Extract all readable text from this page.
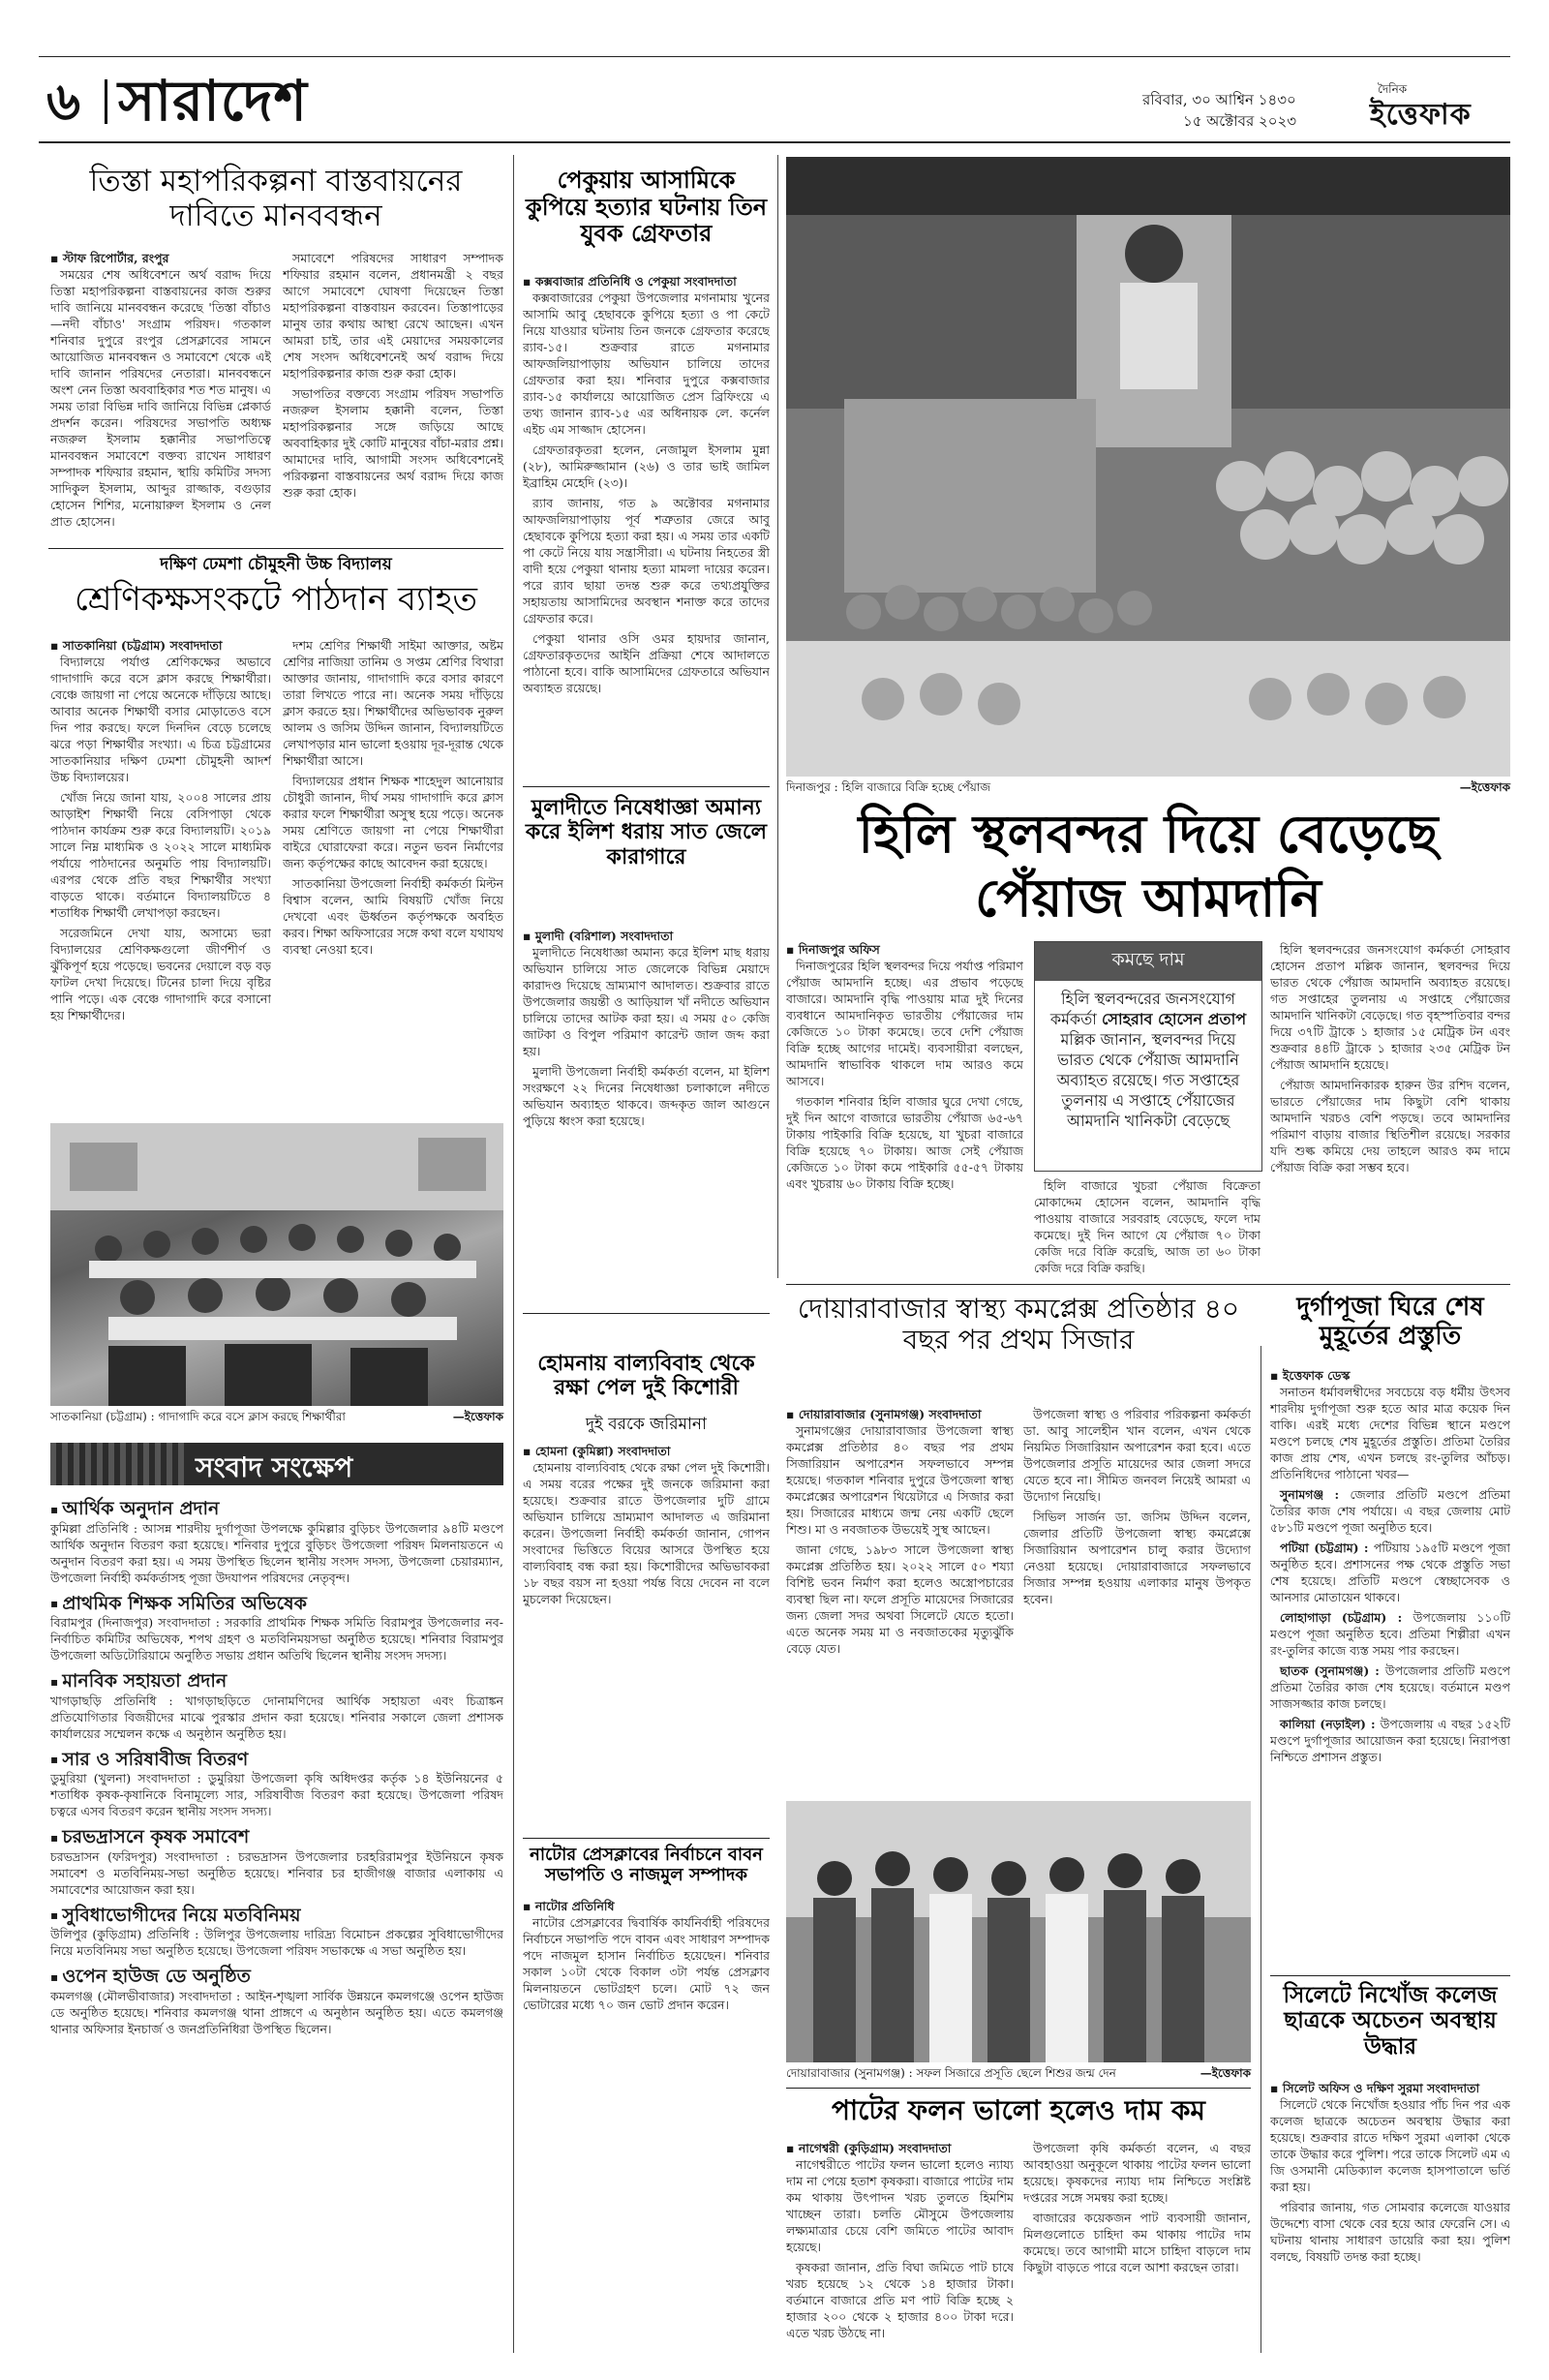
৬ সারাদেশ	রবিবার, ৩০ আশ্বিন ১৪৩০
১৫ অক্টোবর ২০২৩
দৈনিক
ইত্তেফাক
তিস্তা মহাপরিকল্পনা বাস্তবায়নের দাবিতে মানববন্ধন
▪ স্টাফ রিপোর্টার, রংপুর

সময়ের শেষ অধিবেশনে অর্থ বরাদ্দ দিয়ে তিস্তা মহাপরিকল্পনা বাস্তবায়নের কাজ শুরুর দাবি জানিয়ে মানববন্ধন করেছে 'তিস্তা বাঁচাও—নদী বাঁচাও' সংগ্রাম পরিষদ। গতকাল শনিবার দুপুরে রংপুর প্রেসক্লাবের সামনে আয়োজিত মানববন্ধন ও সমাবেশে থেকে এই দাবি জানান পরিষদের নেতারা। মানববন্ধনে অংশ নেন তিস্তা অববাহিকার শত শত মানুষ। এ সময় তারা বিভিন্ন দাবি জানিয়ে বিভিন্ন প্লেকার্ড প্রদর্শন করেন। পরিষদের সভাপতি অধ্যক্ষ নজরুল ইসলাম হক্কানীর সভাপতিত্বে মানববন্ধন সমাবেশে বক্তব্য রাখেন সাধারণ সম্পাদক শফিয়ার রহমান, স্থায়ি কমিটির সদস্য সাদিকুল ইসলাম, আব্দুর রাজ্জাক, বগুড়ার হোসেন শিশির, মনোয়ারুল ইসলাম ও নেল প্রাত হোসেন।

সমাবেশে পরিষদের সাধারণ সম্পাদক শফিয়ার রহমান বলেন, প্রধানমন্ত্রী ২ বছর আগে সমাবেশে ঘোষণা দিয়েছেন তিস্তা মহাপরিকল্পনা বাস্তবায়ন করবেন। তিস্তাপাড়ের মানুষ তার কথায় আস্থা রেখে আছেন। এখন আমরা চাই, তার এই মেয়াদের সময়কালের শেষ সংসদ অধিবেশনেই অর্থ বরাদ্দ দিয়ে মহাপরিকল্পনার কাজ শুরু করা হোক।

সভাপতির বক্তব্যে সংগ্রাম পরিষদ সভাপতি নজরুল ইসলাম হক্কানী বলেন, তিস্তা মহাপরিকল্পনার সঙ্গে জড়িয়ে আছে অববাহিকার দুই কোটি মানুষের বাঁচা-মরার প্রশ্ন। আমাদের দাবি, আগামী সংসদ অধিবেশনেই পরিকল্পনা বাস্তবায়নের অর্থ বরাদ্দ দিয়ে কাজ শুরু করা হোক।

দক্ষিণ ঢেমশা চৌমুহনী উচ্চ বিদ্যালয়
শ্রেণিকক্ষসংকটে পাঠদান ব্যাহত
▪ সাতকানিয়া (চট্টগ্রাম) সংবাদদাতা

বিদ্যালয়ে পর্যাপ্ত শ্রেণিকক্ষের অভাবে গাদাগাদি করে বসে ক্লাস করছে শিক্ষার্থীরা। বেঞ্চে জায়গা না পেয়ে অনেকে দাঁড়িয়ে আছে। আবার অনেক শিক্ষার্থী বসার মোড়াতেও বসে দিন পার করছে। ফলে দিনদিন বেড়ে চলেছে ঝরে পড়া শিক্ষার্থীর সংখ্যা। এ চিত্র চট্টগ্রামের সাতকানিয়ার দক্ষিণ ঢেমশা চৌমুহনী আদর্শ উচ্চ বিদ্যালয়ের।

খোঁজ নিয়ে জানা যায়, ২০০৪ সালের প্রায় আড়াইশ শিক্ষার্থী নিয়ে বেসিপাড়া থেকে পাঠদান কার্যক্রম শুরু করে বিদ্যালয়টি। ২০১৯ সালে নিম্ন মাধ্যমিক ও ২০২২ সালে মাধ্যমিক পর্যায়ে পাঠদানের অনুমতি পায় বিদ্যালয়টি। এরপর থেকে প্রতি বছর শিক্ষার্থীর সংখ্যা বাড়তে থাকে। বর্তমানে বিদ্যালয়টিতে ৪ শতাধিক শিক্ষার্থী লেখাপড়া করছেন।

সরেজমিনে দেখা যায়, অসাম্যে ভরা বিদ্যালয়ের শ্রেণিকক্ষগুলো জীর্ণশীর্ণ ও ঝুঁকিপূর্ণ হয়ে পড়েছে। ভবনের দেয়ালে বড় বড় ফাটল দেখা দিয়েছে। টিনের চালা দিয়ে বৃষ্টির পানি পড়ে। এক বেঞ্চে গাদাগাদি করে বসানো হয় শিক্ষার্থীদের।

দশম শ্রেণির শিক্ষার্থী সাইমা আক্তার, অষ্টম শ্রেণির নাজিয়া তানিম ও সপ্তম শ্রেণির বিথারা আক্তার জানায়, গাদাগাদি করে বসার কারণে তারা লিখতে পারে না। অনেক সময় দাঁড়িয়ে ক্লাস করতে হয়। শিক্ষার্থীদের অভিভাবক নুরুল আলম ও জসিম উদ্দিন জানান, বিদ্যালয়টিতে লেখাপড়ার মান ভালো হওয়ায় দূর-দূরান্ত থেকে শিক্ষার্থীরা আসে।

বিদ্যালয়ের প্রধান শিক্ষক শাহেদুল আনোয়ার চৌধুরী জানান, দীর্ঘ সময় গাদাগাদি করে ক্লাস করার ফলে শিক্ষার্থীরা অসুস্থ হয়ে পড়ে। অনেক সময় শ্রেণিতে জায়গা না পেয়ে শিক্ষার্থীরা বাইরে ঘোরাফেরা করে। নতুন ভবন নির্মাণের জন্য কর্তৃপক্ষের কাছে আবেদন করা হয়েছে।

সাতকানিয়া উপজেলা নির্বাহী কর্মকর্তা মিল্টন বিশ্বাস বলেন, আমি বিষয়টি খোঁজ নিয়ে দেখবো এবং ঊর্ধ্বতন কর্তৃপক্ষকে অবহিত করব। শিক্ষা অফিসারের সঙ্গে কথা বলে যথাযথ ব্যবস্থা নেওয়া হবে।

সাতকানিয়া (চট্টগ্রাম) : গাদাগাদি করে বসে ক্লাস করছে শিক্ষার্থীরা	—ইত্তেফাক
সংবাদ সংক্ষেপ
▪ আর্থিক অনুদান প্রদান
কুমিল্লা প্রতিনিধি : আসন্ন শারদীয় দুর্গাপূজা উপলক্ষে কুমিল্লার বুড়িচং উপজেলার ৯৪টি মণ্ডপে আর্থিক অনুদান বিতরণ করা হয়েছে। শনিবার দুপুরে বুড়িচং উপজেলা পরিষদ মিলনায়তনে এ অনুদান বিতরণ করা হয়। এ সময় উপস্থিত ছিলেন স্থানীয় সংসদ সদস্য, উপজেলা চেয়ারম্যান, উপজেলা নির্বাহী কর্মকর্তাসহ পূজা উদযাপন পরিষদের নেতৃবৃন্দ।
▪ প্রাথমিক শিক্ষক সমিতির অভিষেক
বিরামপুর (দিনাজপুর) সংবাদদাতা : সরকারি প্রাথমিক শিক্ষক সমিতি বিরামপুর উপজেলার নব-নির্বাচিত কমিটির অভিষেক, শপথ গ্রহণ ও মতবিনিময়সভা অনুষ্ঠিত হয়েছে। শনিবার বিরামপুর উপজেলা অডিটোরিয়ামে অনুষ্ঠিত সভায় প্রধান অতিথি ছিলেন স্থানীয় সংসদ সদস্য।
▪ মানবিক সহায়তা প্রদান
খাগড়াছড়ি প্রতিনিধি : খাগড়াছড়িতে দোনামণিদের আর্থিক সহায়তা এবং চিত্রাঙ্কন প্রতিযোগিতার বিজয়ীদের মাঝে পুরস্কার প্রদান করা হয়েছে। শনিবার সকালে জেলা প্রশাসক কার্যালয়ের সম্মেলন কক্ষে এ অনুষ্ঠান অনুষ্ঠিত হয়।
▪ সার ও সরিষাবীজ বিতরণ
ডুমুরিয়া (খুলনা) সংবাদদাতা : ডুমুরিয়া উপজেলা কৃষি অধিদপ্তর কর্তৃক ১৪ ইউনিয়নের ৫ শতাধিক কৃষক-কৃষানিকে বিনামূল্যে সার, সরিষাবীজ বিতরণ করা হয়েছে। উপজেলা পরিষদ চত্বরে এসব বিতরণ করেন স্থানীয় সংসদ সদস্য।
▪ চরভদ্রাসনে কৃষক সমাবেশ
চরভদ্রাসন (ফরিদপুর) সংবাদদাতা : চরভদ্রাসন উপজেলার চরহরিরামপুর ইউনিয়নে কৃষক সমাবেশ ও মতবিনিময়-সভা অনুষ্ঠিত হয়েছে। শনিবার চর হাজীগঞ্জ বাজার এলাকায় এ সমাবেশের আয়োজন করা হয়।
▪ সুবিধাভোগীদের নিয়ে মতবিনিময়
উলিপুর (কুড়িগ্রাম) প্রতিনিধি : উলিপুর উপজেলায় দারিদ্র্য বিমোচন প্রকল্পের সুবিধাভোগীদের নিয়ে মতবিনিময় সভা অনুষ্ঠিত হয়েছে। উপজেলা পরিষদ সভাকক্ষে এ সভা অনুষ্ঠিত হয়।
▪ ওপেন হাউজ ডে অনুষ্ঠিত
কমলগঞ্জ (মৌলভীবাজার) সংবাদদাতা : আইন-শৃঙ্খলা সার্বিক উন্নয়নে কমলগঞ্জে ওপেন হাউজ ডে অনুষ্ঠিত হয়েছে। শনিবার কমলগঞ্জ থানা প্রাঙ্গণে এ অনুষ্ঠান অনুষ্ঠিত হয়। এতে কমলগঞ্জ থানার অফিসার ইনচার্জ ও জনপ্রতিনিধিরা উপস্থিত ছিলেন।
পেকুয়ায় আসামিকে কুপিয়ে হত্যার ঘটনায় তিন যুবক গ্রেফতার
▪ কক্সবাজার প্রতিনিধি ও পেকুয়া সংবাদদাতা

কক্সবাজারের পেকুয়া উপজেলার মগনামায় খুনের আসামি আবু হেছাবকে কুপিয়ে হত্যা ও পা কেটে নিয়ে যাওয়ার ঘটনায় তিন জনকে গ্রেফতার করেছে র‍্যাব-১৫। শুক্রবার রাতে মগনামার আফজলিয়াপাড়ায় অভিযান চালিয়ে তাদের গ্রেফতার করা হয়। শনিবার দুপুরে কক্সবাজার র‍্যাব-১৫ কার্যালয়ে আয়োজিত প্রেস ব্রিফিংয়ে এ তথ্য জানান র‍্যাব-১৫ এর অধিনায়ক লে. কর্নেল এইচ এম সাজ্জাদ হোসেন।

গ্রেফতারকৃতরা হলেন, নেজামুল ইসলাম মুন্না (২৮), আমিরুজ্জামান (২৬) ও তার ভাই জামিল ইব্রাহিম মেহেদি (২৩)।

র‍্যাব জানায়, গত ৯ অক্টোবর মগনামার আফজলিয়াপাড়ায় পূর্ব শত্রুতার জেরে আবু হেছাবকে কুপিয়ে হত্যা করা হয়। এ সময় তার একটি পা কেটে নিয়ে যায় সন্ত্রাসীরা। এ ঘটনায় নিহতের স্ত্রী বাদী হয়ে পেকুয়া থানায় হত্যা মামলা দায়ের করেন। পরে র‍্যাব ছায়া তদন্ত শুরু করে তথ্যপ্রযুক্তির সহায়তায় আসামিদের অবস্থান শনাক্ত করে তাদের গ্রেফতার করে।

পেকুয়া থানার ওসি ওমর হায়দার জানান, গ্রেফতারকৃতদের আইনি প্রক্রিয়া শেষে আদালতে পাঠানো হবে। বাকি আসামিদের গ্রেফতারে অভিযান অব্যাহত রয়েছে।

মুলাদীতে নিষেধাজ্ঞা অমান্য করে ইলিশ ধরায় সাত জেলে কারাগারে
▪ মুলাদী (বরিশাল) সংবাদদাতা

মুলাদীতে নিষেধাজ্ঞা অমান্য করে ইলিশ মাছ ধরায় অভিযান চালিয়ে সাত জেলেকে বিভিন্ন মেয়াদে কারাদণ্ড দিয়েছে ভ্রাম্যমাণ আদালত। শুক্রবার রাতে উপজেলার জয়ন্তী ও আড়িয়াল খাঁ নদীতে অভিযান চালিয়ে তাদের আটক করা হয়। এ সময় ৫০ কেজি জাটকা ও বিপুল পরিমাণ কারেন্ট জাল জব্দ করা হয়।

মুলাদী উপজেলা নির্বাহী কর্মকর্তা বলেন, মা ইলিশ সংরক্ষণে ২২ দিনের নিষেধাজ্ঞা চলাকালে নদীতে অভিযান অব্যাহত থাকবে। জব্দকৃত জাল আগুনে পুড়িয়ে ধ্বংস করা হয়েছে।

হোমনায় বাল্যবিবাহ থেকে রক্ষা পেল দুই কিশোরী
দুই বরকে জরিমানা
▪ হোমনা (কুমিল্লা) সংবাদদাতা

হোমনায় বাল্যবিবাহ থেকে রক্ষা পেল দুই কিশোরী। এ সময় বরের পক্ষের দুই জনকে জরিমানা করা হয়েছে। শুক্রবার রাতে উপজেলার দুটি গ্রামে অভিযান চালিয়ে ভ্রাম্যমাণ আদালত এ জরিমানা করেন। উপজেলা নির্বাহী কর্মকর্তা জানান, গোপন সংবাদের ভিত্তিতে বিয়ের আসরে উপস্থিত হয়ে বাল্যবিবাহ বন্ধ করা হয়। কিশোরীদের অভিভাবকরা ১৮ বছর বয়স না হওয়া পর্যন্ত বিয়ে দেবেন না বলে মুচলেকা দিয়েছেন।

নাটোর প্রেসক্লাবের নির্বাচনে বাবন সভাপতি ও নাজমুল সম্পাদক
▪ নাটোর প্রতিনিধি

নাটোর প্রেসক্লাবের দ্বিবার্ষিক কার্যনির্বাহী পরিষদের নির্বাচনে সভাপতি পদে বাবন এবং সাধারণ সম্পাদক পদে নাজমুল হাসান নির্বাচিত হয়েছেন। শনিবার সকাল ১০টা থেকে বিকাল ৩টা পর্যন্ত প্রেসক্লাব মিলনায়তনে ভোটগ্রহণ চলে। মোট ৭২ জন ভোটারের মধ্যে ৭০ জন ভোট প্রদান করেন।

দিনাজপুর : হিলি বাজারে বিক্রি হচ্ছে পেঁয়াজ	—ইত্তেফাক
হিলি স্থলবন্দর দিয়ে বেড়েছে
পেঁয়াজ আমদানি
▪ দিনাজপুর অফিস

দিনাজপুরের হিলি স্থলবন্দর দিয়ে পর্যাপ্ত পরিমাণ পেঁয়াজ আমদানি হচ্ছে। এর প্রভাব পড়েছে বাজারে। আমদানি বৃদ্ধি পাওয়ায় মাত্র দুই দিনের ব্যবধানে আমদানিকৃত ভারতীয় পেঁয়াজের দাম কেজিতে ১০ টাকা কমেছে। তবে দেশি পেঁয়াজ বিক্রি হচ্ছে আগের দামেই। ব্যবসায়ীরা বলছেন, আমদানি স্বাভাবিক থাকলে দাম আরও কমে আসবে।

গতকাল শনিবার হিলি বাজার ঘুরে দেখা গেছে, দুই দিন আগে বাজারে ভারতীয় পেঁয়াজ ৬৫-৬৭ টাকায় পাইকারি বিক্রি হয়েছে, যা খুচরা বাজারে বিক্রি হয়েছে ৭০ টাকায়। আজ সেই পেঁয়াজ কেজিতে ১০ টাকা কমে পাইকারি ৫৫-৫৭ টাকায় এবং খুচরায় ৬০ টাকায় বিক্রি হচ্ছে।

কমছে দাম
হিলি স্থলবন্দরের জনসংযোগ কর্মকর্তা সোহরাব হোসেন প্রতাপ মল্লিক জানান, স্থলবন্দর দিয়ে ভারত থেকে পেঁয়াজ আমদানি অব্যাহত রয়েছে। গত সপ্তাহের তুলনায় এ সপ্তাহে পেঁয়াজের আমদানি খানিকটা বেড়েছে

হিলি বাজারে খুচরা পেঁয়াজ বিক্রেতা মোকাদ্দেম হোসেন বলেন, আমদানি বৃদ্ধি পাওয়ায় বাজারে সরবরাহ বেড়েছে, ফলে দাম কমেছে। দুই দিন আগে যে পেঁয়াজ ৭০ টাকা কেজি দরে বিক্রি করেছি, আজ তা ৬০ টাকা কেজি দরে বিক্রি করছি।

হিলি স্থলবন্দরের জনসংযোগ কর্মকর্তা সোহরাব হোসেন প্রতাপ মল্লিক জানান, স্থলবন্দর দিয়ে ভারত থেকে পেঁয়াজ আমদানি অব্যাহত রয়েছে। গত সপ্তাহের তুলনায় এ সপ্তাহে পেঁয়াজের আমদানি খানিকটা বেড়েছে। গত বৃহস্পতিবার বন্দর দিয়ে ৩৭টি ট্রাকে ১ হাজার ১৫ মেট্রিক টন এবং শুক্রবার ৪৪টি ট্রাকে ১ হাজার ২৩৫ মেট্রিক টন পেঁয়াজ আমদানি হয়েছে।

পেঁয়াজ আমদানিকারক হারুন উর রশিদ বলেন, ভারতে পেঁয়াজের দাম কিছুটা বেশি থাকায় আমদানি খরচও বেশি পড়ছে। তবে আমদানির পরিমাণ বাড়ায় বাজার স্থিতিশীল রয়েছে। সরকার যদি শুল্ক কমিয়ে দেয় তাহলে আরও কম দামে পেঁয়াজ বিক্রি করা সম্ভব হবে।

দোয়ারাবাজার স্বাস্থ্য কমপ্লেক্স প্রতিষ্ঠার ৪০ বছর পর প্রথম সিজার
▪ দোয়ারাবাজার (সুনামগঞ্জ) সংবাদদাতা

সুনামগঞ্জের দোয়ারাবাজার উপজেলা স্বাস্থ্য কমপ্লেক্স প্রতিষ্ঠার ৪০ বছর পর প্রথম সিজারিয়ান অপারেশন সফলভাবে সম্পন্ন হয়েছে। গতকাল শনিবার দুপুরে উপজেলা স্বাস্থ্য কমপ্লেক্সের অপারেশন থিয়েটারে এ সিজার করা হয়। সিজারের মাধ্যমে জন্ম নেয় একটি ছেলে শিশু। মা ও নবজাতক উভয়েই সুস্থ আছেন।

জানা গেছে, ১৯৮৩ সালে উপজেলা স্বাস্থ্য কমপ্লেক্স প্রতিষ্ঠিত হয়। ২০২২ সালে ৫০ শয্যা বিশিষ্ট ভবন নির্মাণ করা হলেও অস্ত্রোপচারের ব্যবস্থা ছিল না। ফলে প্রসূতি মায়েদের সিজারের জন্য জেলা সদর অথবা সিলেটে যেতে হতো। এতে অনেক সময় মা ও নবজাতকের মৃত্যুঝুঁকি বেড়ে যেত।

উপজেলা স্বাস্থ্য ও পরিবার পরিকল্পনা কর্মকর্তা ডা. আবু সালেহীন খান বলেন, এখন থেকে নিয়মিত সিজারিয়ান অপারেশন করা হবে। এতে উপজেলার প্রসূতি মায়েদের আর জেলা সদরে যেতে হবে না। সীমিত জনবল নিয়েই আমরা এ উদ্যোগ নিয়েছি।

সিভিল সার্জন ডা. জসিম উদ্দিন বলেন, জেলার প্রতিটি উপজেলা স্বাস্থ্য কমপ্লেক্সে সিজারিয়ান অপারেশন চালু করার উদ্যোগ নেওয়া হয়েছে। দোয়ারাবাজারে সফলভাবে সিজার সম্পন্ন হওয়ায় এলাকার মানুষ উপকৃত হবেন।

দোয়ারাবাজার (সুনামগঞ্জ) : সফল সিজারে প্রসূতি ছেলে শিশুর জন্ম দেন	—ইত্তেফাক
পাটের ফলন ভালো হলেও দাম কম
▪ নাগেশ্বরী (কুড়িগ্রাম) সংবাদদাতা

নাগেশ্বরীতে পাটের ফলন ভালো হলেও ন্যায্য দাম না পেয়ে হতাশ কৃষকরা। বাজারে পাটের দাম কম থাকায় উৎপাদন খরচ তুলতে হিমশিম খাচ্ছেন তারা। চলতি মৌসুমে উপজেলায় লক্ষ্যমাত্রার চেয়ে বেশি জমিতে পাটের আবাদ হয়েছে।

কৃষকরা জানান, প্রতি বিঘা জমিতে পাট চাষে খরচ হয়েছে ১২ থেকে ১৪ হাজার টাকা। বর্তমানে বাজারে প্রতি মণ পাট বিক্রি হচ্ছে ২ হাজার ২০০ থেকে ২ হাজার ৪০০ টাকা দরে। এতে খরচ উঠছে না।

উপজেলা কৃষি কর্মকর্তা বলেন, এ বছর আবহাওয়া অনুকূলে থাকায় পাটের ফলন ভালো হয়েছে। কৃষকদের ন্যায্য দাম নিশ্চিতে সংশ্লিষ্ট দপ্তরের সঙ্গে সমন্বয় করা হচ্ছে।

বাজারের কয়েকজন পাট ব্যবসায়ী জানান, মিলগুলোতে চাহিদা কম থাকায় পাটের দাম কমেছে। তবে আগামী মাসে চাহিদা বাড়লে দাম কিছুটা বাড়তে পারে বলে আশা করছেন তারা।

দুর্গাপূজা ঘিরে শেষ মুহূর্তের প্রস্তুতি
▪ ইত্তেফাক ডেস্ক

সনাতন ধর্মাবলম্বীদের সবচেয়ে বড় ধর্মীয় উৎসব শারদীয় দুর্গাপূজা শুরু হতে আর মাত্র কয়েক দিন বাকি। এরই মধ্যে দেশের বিভিন্ন স্থানে মণ্ডপে মণ্ডপে চলছে শেষ মুহূর্তের প্রস্তুতি। প্রতিমা তৈরির কাজ প্রায় শেষ, এখন চলছে রং-তুলির আঁচড়। প্রতিনিধিদের পাঠানো খবর—

সুনামগঞ্জ : জেলার প্রতিটি মণ্ডপে প্রতিমা তৈরির কাজ শেষ পর্যায়ে। এ বছর জেলায় মোট ৫৮১টি মণ্ডপে পূজা অনুষ্ঠিত হবে।

পটিয়া (চট্টগ্রাম) : পটিয়ায় ১৯৫টি মণ্ডপে পূজা অনুষ্ঠিত হবে। প্রশাসনের পক্ষ থেকে প্রস্তুতি সভা শেষ হয়েছে। প্রতিটি মণ্ডপে স্বেচ্ছাসেবক ও আনসার মোতায়েন থাকবে।

লোহাগাড়া (চট্টগ্রাম) : উপজেলায় ১১০টি মণ্ডপে পূজা অনুষ্ঠিত হবে। প্রতিমা শিল্পীরা এখন রং-তুলির কাজে ব্যস্ত সময় পার করছেন।

ছাতক (সুনামগঞ্জ) : উপজেলার প্রতিটি মণ্ডপে প্রতিমা তৈরির কাজ শেষ হয়েছে। বর্তমানে মণ্ডপ সাজসজ্জার কাজ চলছে।

কালিয়া (নড়াইল) : উপজেলায় এ বছর ১৫২টি মণ্ডপে দুর্গাপূজার আয়োজন করা হয়েছে। নিরাপত্তা নিশ্চিতে প্রশাসন প্রস্তুত।

সিলেটে নিখোঁজ কলেজ ছাত্রকে অচেতন অবস্থায় উদ্ধার
▪ সিলেট অফিস ও দক্ষিণ সুরমা সংবাদদাতা

সিলেটে থেকে নিখোঁজ হওয়ার পাঁচ দিন পর এক কলেজ ছাত্রকে অচেতন অবস্থায় উদ্ধার করা হয়েছে। শুক্রবার রাতে দক্ষিণ সুরমা এলাকা থেকে তাকে উদ্ধার করে পুলিশ। পরে তাকে সিলেট এম এ জি ওসমানী মেডিক্যাল কলেজ হাসপাতালে ভর্তি করা হয়।

পরিবার জানায়, গত সোমবার কলেজে যাওয়ার উদ্দেশ্যে বাসা থেকে বের হয়ে আর ফেরেনি সে। এ ঘটনায় থানায় সাধারণ ডায়েরি করা হয়। পুলিশ বলছে, বিষয়টি তদন্ত করা হচ্ছে।
